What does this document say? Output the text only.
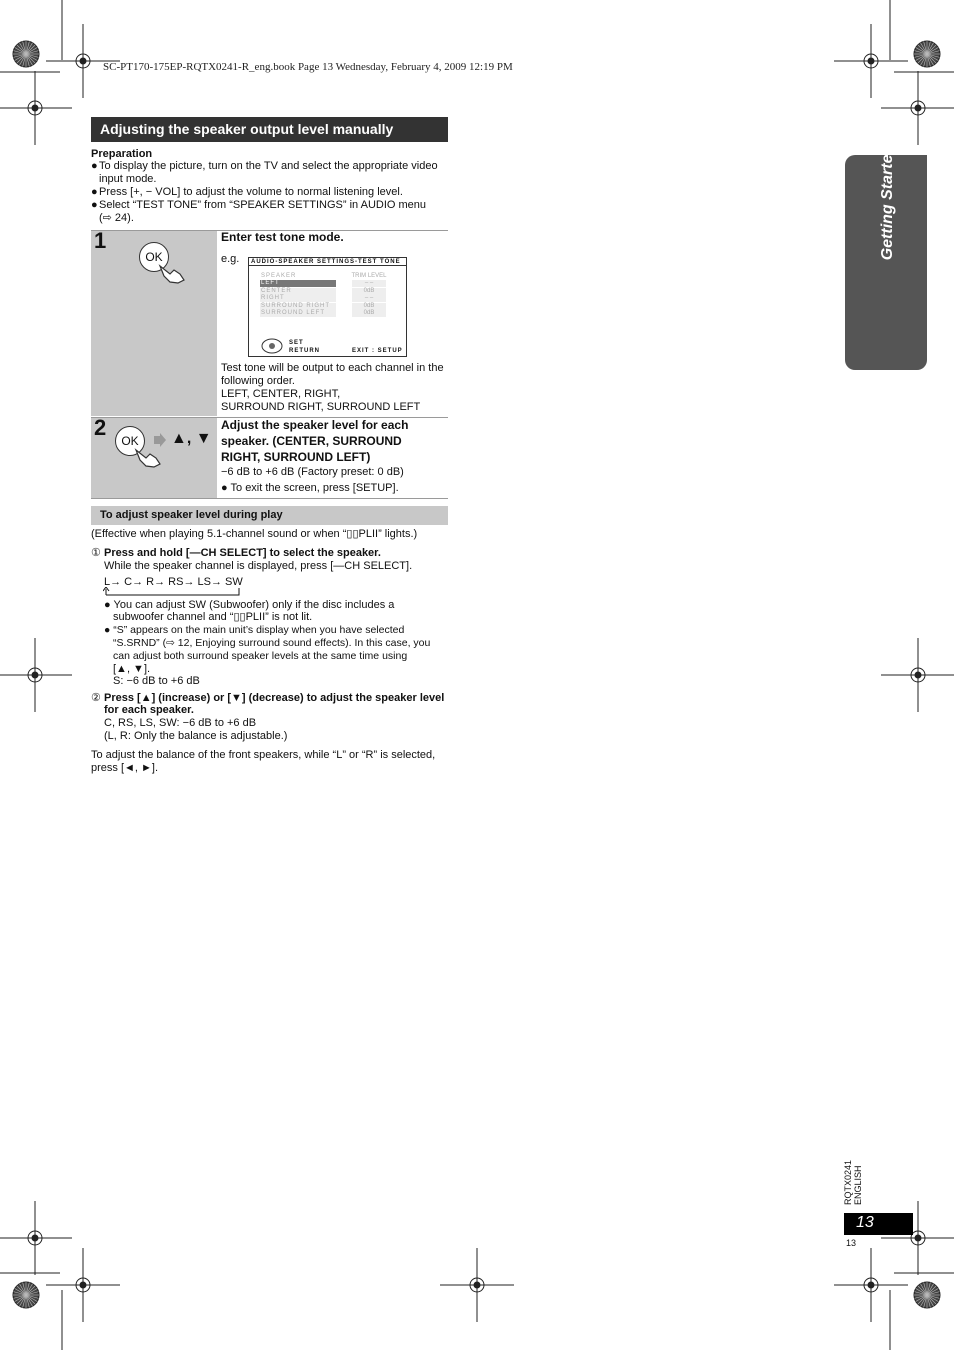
SC-PT170-175EP-RQTX0241-R_eng.book Page 13 Wednesday, February 4, 2009 12:19 PM
Adjusting the speaker output level manually
Preparation
●To display the picture, turn on the TV and select the appropriate video
input mode.
●Press [+, − VOL] to adjust the volume to normal listening level.
●Select “TEST TONE” from “SPEAKER SETTINGS” in AUDIO menu
(⇨ 24).
1
OK
Enter test tone mode.
e.g.	AUDIO-SPEAKER SETTINGS-TEST TONE
SPEAKER	TRIM LEVEL
LEFT	– –
CENTER	0dB
RIGHT	– –
SURROUND RIGHT	0dB
SURROUND LEFT	0dB
SET
RETURN	EXIT : SETUP
Test tone will be output to each channel in the
following order.
LEFT, CENTER, RIGHT,
SURROUND RIGHT, SURROUND LEFT
2
OK	▲, ▼
Adjust the speaker level for each
speaker. (CENTER, SURROUND
RIGHT, SURROUND LEFT)
−6 dB to +6 dB (Factory preset: 0 dB)
● To exit the screen, press [SETUP].
To adjust speaker level during play
(Effective when playing 5.1-channel sound or when “▯▯PLII” lights.)
① Press and hold [—CH SELECT] to select the speaker.
While the speaker channel is displayed, press [—CH SELECT].
L→ C→ R→ RS→ LS→ SW
● You can adjust SW (Subwoofer) only if the disc includes a
subwoofer channel and “▯▯PLII” is not lit.
● “S” appears on the main unit’s display when you have selected
“S.SRND” (⇨ 12, Enjoying surround sound effects). In this case, you
can adjust both surround speaker levels at the same time using
[▲, ▼].
S: −6 dB to +6 dB
② Press [▲] (increase) or [▼] (decrease) to adjust the speaker level
for each speaker.
C, RS, LS, SW: −6 dB to +6 dB
(L, R: Only the balance is adjustable.)
To adjust the balance of the front speakers, while “L” or “R” is selected,
press [◄, ►].
Getting Started
RQTX0241 ENGLISH
13
13
